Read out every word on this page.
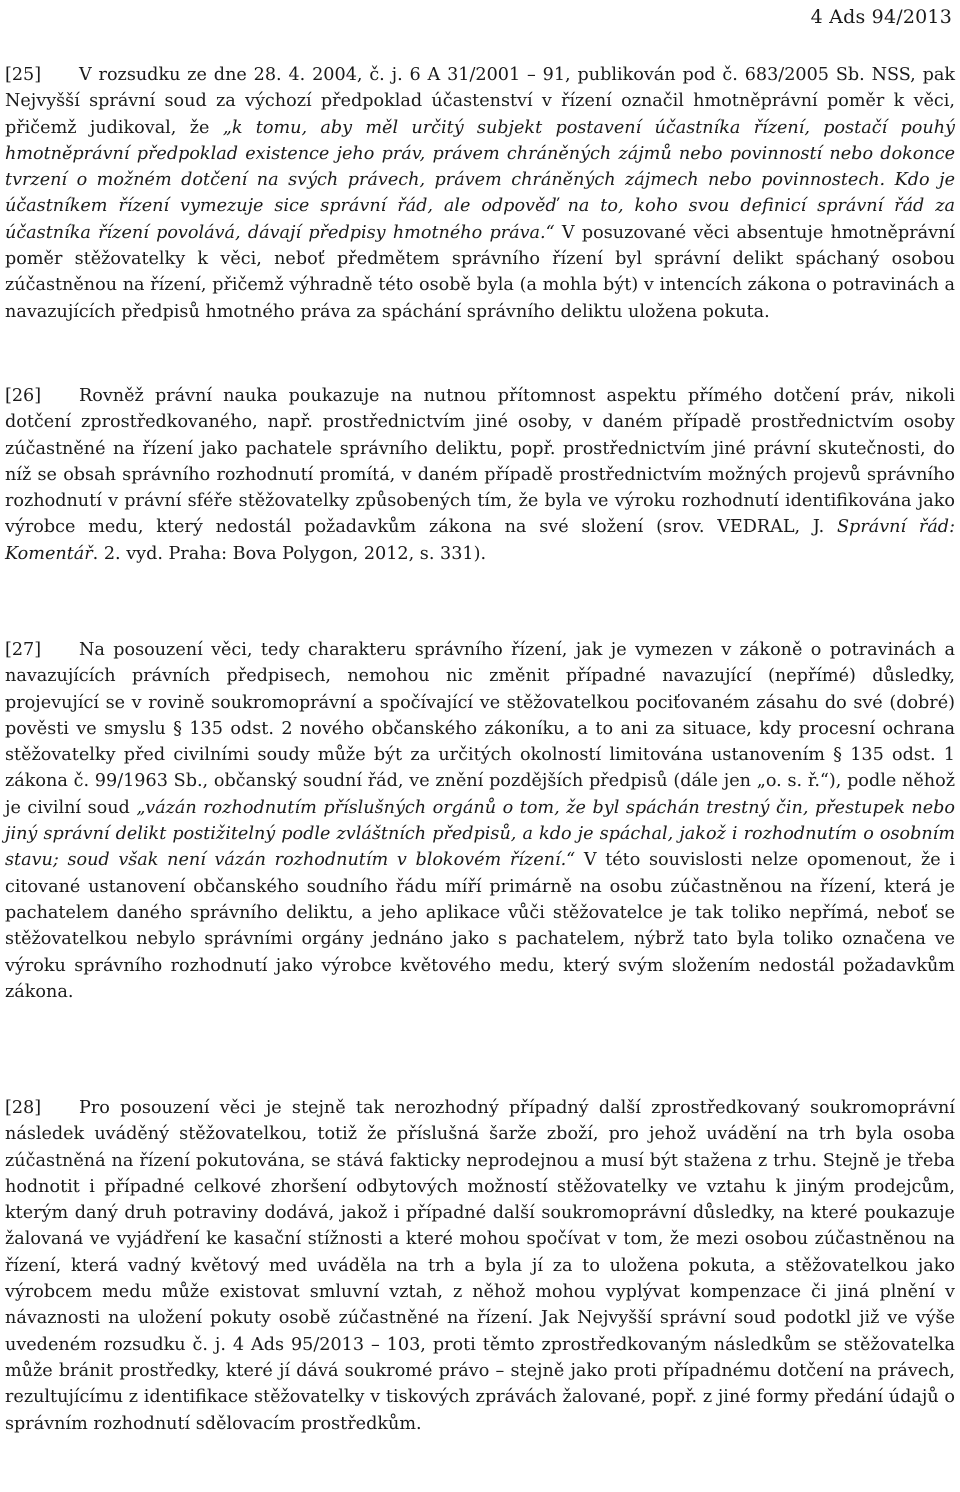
4 Ads 94/2013

[25] V rozsudku ze dne 28. 4. 2004, č. j. 6 A 31/2001 – 91, publikován pod č. 683/2005 Sb. NSS, pak Nejvyšší správní soud za výchozí předpoklad účastenství v řízení označil hmotněprávní poměr k věci, přičemž judikoval, že „k tomu, aby měl určitý subjekt postavení účastníka řízení, postačí pouhý hmotněprávní předpoklad existence jeho práv, právem chráněných zájmů nebo povinností nebo dokonce tvrzení o možném dotčení na svých právech, právem chráněných zájmech nebo povinnostech. Kdo je účastníkem řízení vymezuje sice správní řád, ale odpověď na to, koho svou definicí správní řád za účastníka řízení povolává, dávají předpisy hmotného práva.“ V posuzované věci absentuje hmotněprávní poměr stěžovatelky k věci, neboť předmětem správního řízení byl správní delikt spáchaný osobou zúčastněnou na řízení, přičemž výhradně této osobě byla (a mohla být) v intencích zákona o potravinách a navazujících předpisů hmotného práva za spáchání správního deliktu uložena pokuta.

[26] Rovněž právní nauka poukazuje na nutnou přítomnost aspektu přímého dotčení práv, nikoli dotčení zprostředkovaného, např. prostřednictvím jiné osoby, v daném případě prostřednictvím osoby zúčastněné na řízení jako pachatele správního deliktu, popř. prostřednictvím jiné právní skutečnosti, do níž se obsah správního rozhodnutí promítá, v daném případě prostřednictvím možných projevů správního rozhodnutí v právní sféře stěžovatelky způsobených tím, že byla ve výroku rozhodnutí identifikována jako výrobce medu, který nedostál požadavkům zákona na své složení (srov. VEDRAL, J. Správní řád: Komentář. 2. vyd. Praha: Bova Polygon, 2012, s. 331).

[27] Na posouzení věci, tedy charakteru správního řízení, jak je vymezen v zákoně o potravinách a navazujících právních předpisech, nemohou nic změnit případné navazující (nepřímé) důsledky, projevující se v rovině soukromoprávní a spočívající ve stěžovatelkou pociťovaném zásahu do své (dobré) pověsti ve smyslu § 135 odst. 2 nového občanského zákoníku, a to ani za situace, kdy procesní ochrana stěžovatelky před civilními soudy může být za určitých okolností limitována ustanovením § 135 odst. 1 zákona č. 99/1963 Sb., občanský soudní řád, ve znění pozdějších předpisů (dále jen „o. s. ř.“), podle něhož je civilní soud „vázán rozhodnutím příslušných orgánů o tom, že byl spáchán trestný čin, přestupek nebo jiný správní delikt postižitelný podle zvláštních předpisů, a kdo je spáchal, jakož i rozhodnutím o osobním stavu; soud však není vázán rozhodnutím v blokovém řízení.“ V této souvislosti nelze opomenout, že i citované ustanovení občanského soudního řádu míří primárně na osobu zúčastněnou na řízení, která je pachatelem daného správního deliktu, a jeho aplikace vůči stěžovatelce je tak toliko nepřímá, neboť se stěžovatelkou nebylo správními orgány jednáno jako s pachatelem, nýbrž tato byla toliko označena ve výroku správního rozhodnutí jako výrobce květového medu, který svým složením nedostál požadavkům zákona.

[28] Pro posouzení věci je stejně tak nerozhodný případný další zprostředkovaný soukromoprávní následek uváděný stěžovatelkou, totiž že příslušná šarže zboží, pro jehož uvádění na trh byla osoba zúčastněná na řízení pokutována, se stává fakticky neprodejnou a musí být stažena z trhu. Stejně je třeba hodnotit i případné celkové zhoršení odbytových možností stěžovatelky ve vztahu k jiným prodejcům, kterým daný druh potraviny dodává, jakož i případné další soukromoprávní důsledky, na které poukazuje žalovaná ve vyjádření ke kasační stížnosti a které mohou spočívat v tom, že mezi osobou zúčastněnou na řízení, která vadný květový med uváděla na trh a byla jí za to uložena pokuta, a stěžovatelkou jako výrobcem medu může existovat smluvní vztah, z něhož mohou vyplývat kompenzace či jiná plnění v návaznosti na uložení pokuty osobě zúčastněné na řízení. Jak Nejvyšší správní soud podotkl již ve výše uvedeném rozsudku č. j. 4 Ads 95/2013 – 103, proti těmto zprostředkovaným následkům se stěžovatelka může bránit prostředky, které jí dává soukromé právo – stejně jako proti případnému dotčení na právech, rezultujícímu z identifikace stěžovatelky v tiskových zprávách žalované, popř. z jiné formy předání údajů o správním rozhodnutí sdělovacím prostředkům.
